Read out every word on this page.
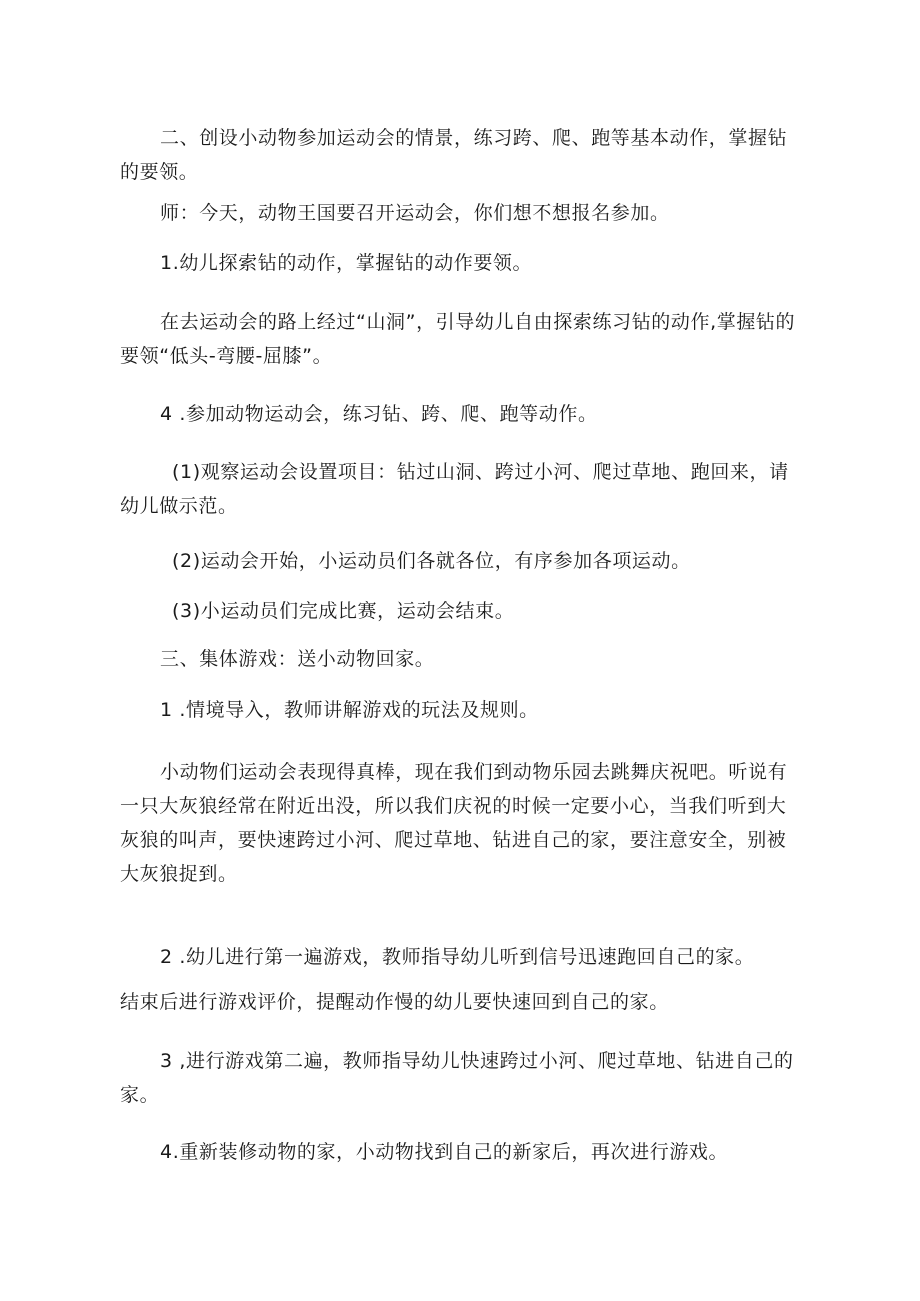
二、创设小动物参加运动会的情景，练习跨、爬、跑等基本动作，掌握钻的要领。

师：今天，动物王国要召开运动会，你们想不想报名参加。

1.幼儿探索钻的动作，掌握钻的动作要领。

在去运动会的路上经过“山洞”，引导幼儿自由探索练习钻的动作,掌握钻的要领“低头-弯腰-屈膝”。

4 .参加动物运动会，练习钻、跨、爬、跑等动作。

(1)观察运动会设置项目：钻过山洞、跨过小河、爬过草地、跑回来，请幼儿做示范。

(2)运动会开始，小运动员们各就各位，有序参加各项运动。

(3)小运动员们完成比赛，运动会结束。

三、集体游戏：送小动物回家。

1 .情境导入，教师讲解游戏的玩法及规则。

小动物们运动会表现得真棒，现在我们到动物乐园去跳舞庆祝吧。听说有一只大灰狼经常在附近出没，所以我们庆祝的时候一定要小心，当我们听到大灰狼的叫声，要快速跨过小河、爬过草地、钻进自己的家，要注意安全，别被大灰狼捉到。

2 .幼儿进行第一遍游戏，教师指导幼儿听到信号迅速跑回自己的家。

结束后进行游戏评价，提醒动作慢的幼儿要快速回到自己的家。

3 ,进行游戏第二遍，教师指导幼儿快速跨过小河、爬过草地、钻进自己的家。

4.重新装修动物的家，小动物找到自己的新家后，再次进行游戏。
